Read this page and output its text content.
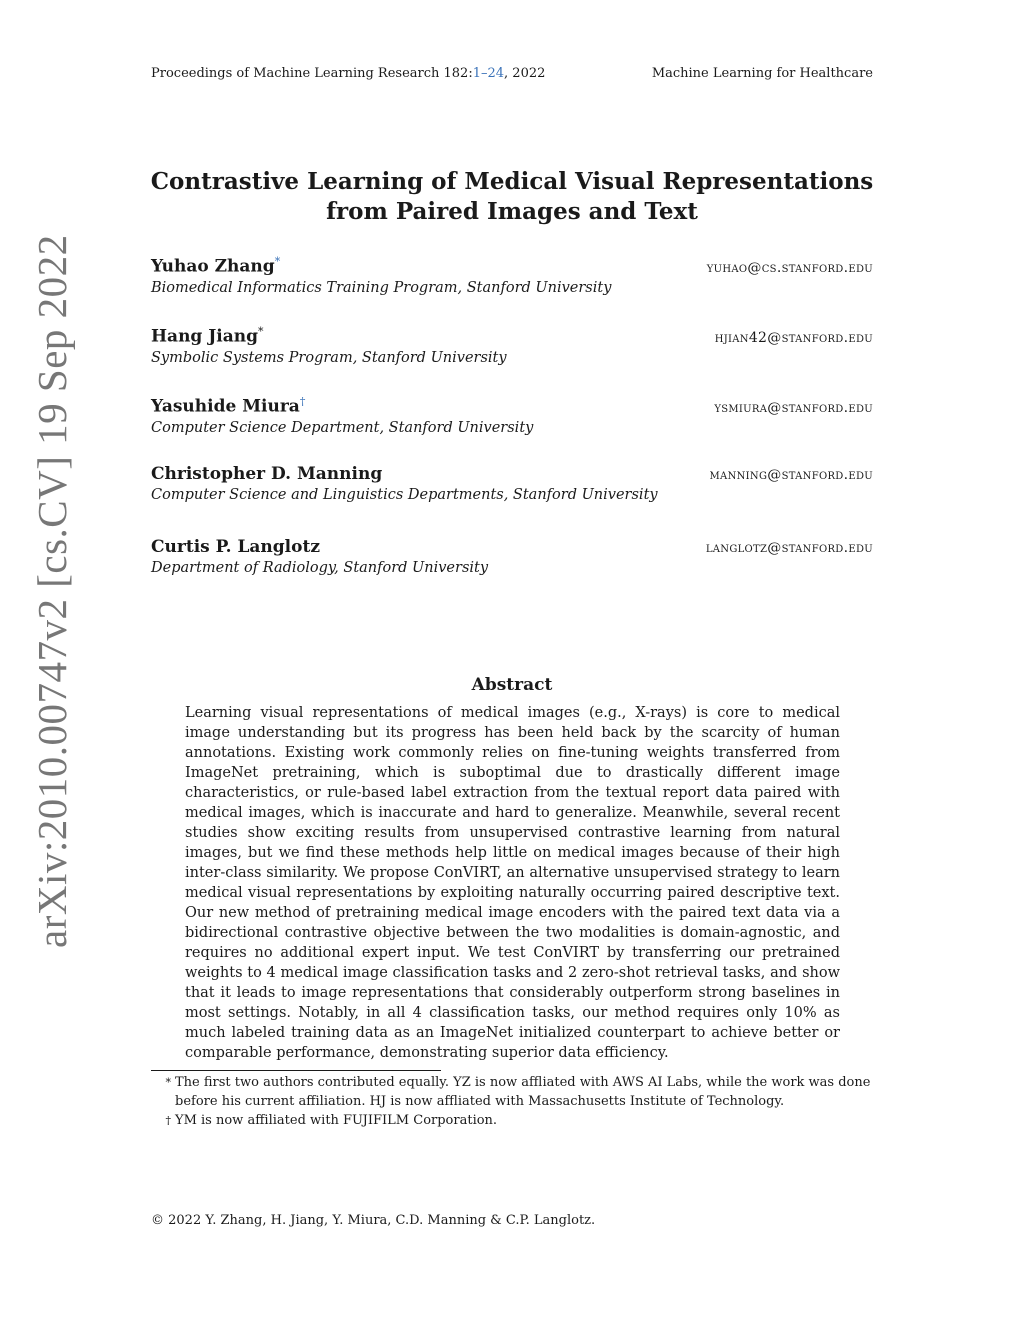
Proceedings of Machine Learning Research 182:1–24, 2022	Machine Learning for Healthcare
arXiv:2010.00747v2 [cs.CV] 19 Sep 2022
Contrastive Learning of Medical Visual Representations
from Paired Images and Text
Yuhao Zhang*	yuhao@cs.stanford.edu
Biomedical Informatics Training Program, Stanford University
Hang Jiang*	hjian42@stanford.edu
Symbolic Systems Program, Stanford University
Yasuhide Miura†	ysmiura@stanford.edu
Computer Science Department, Stanford University
Christopher D. Manning	manning@stanford.edu
Computer Science and Linguistics Departments, Stanford University
Curtis P. Langlotz	langlotz@stanford.edu
Department of Radiology, Stanford University
Abstract
Learning visual representations of medical images (e.g., X-rays) is core to medical image understanding but its progress has been held back by the scarcity of human annotations. Existing work commonly relies on fine-tuning weights transferred from ImageNet pretraining, which is suboptimal due to drastically different image characteristics, or rule-based label extraction from the textual report data paired with medical images, which is inaccurate and hard to generalize. Meanwhile, several recent studies show exciting results from unsupervised contrastive learning from natural images, but we find these methods help little on medical images because of their high inter-class similarity. We propose ConVIRT, an alternative unsupervised strategy to learn medical visual representations by exploiting naturally occurring paired descriptive text. Our new method of pretraining medical image encoders with the paired text data via a bidirectional contrastive objective between the two modalities is domain-agnostic, and requires no additional expert input. We test ConVIRT by transferring our pretrained weights to 4 medical image classification tasks and 2 zero-shot retrieval tasks, and show that it leads to image representations that considerably outperform strong baselines in most settings. Notably, in all 4 classification tasks, our method requires only 10% as much labeled training data as an ImageNet initialized counterpart to achieve better or comparable performance, demonstrating superior data efficiency.
* The first two authors contributed equally. YZ is now affliated with AWS AI Labs, while the work was done before his current affiliation. HJ is now affliated with Massachusetts Institute of Technology.
† YM is now affiliated with FUJIFILM Corporation.
© 2022 Y. Zhang, H. Jiang, Y. Miura, C.D. Manning & C.P. Langlotz.
